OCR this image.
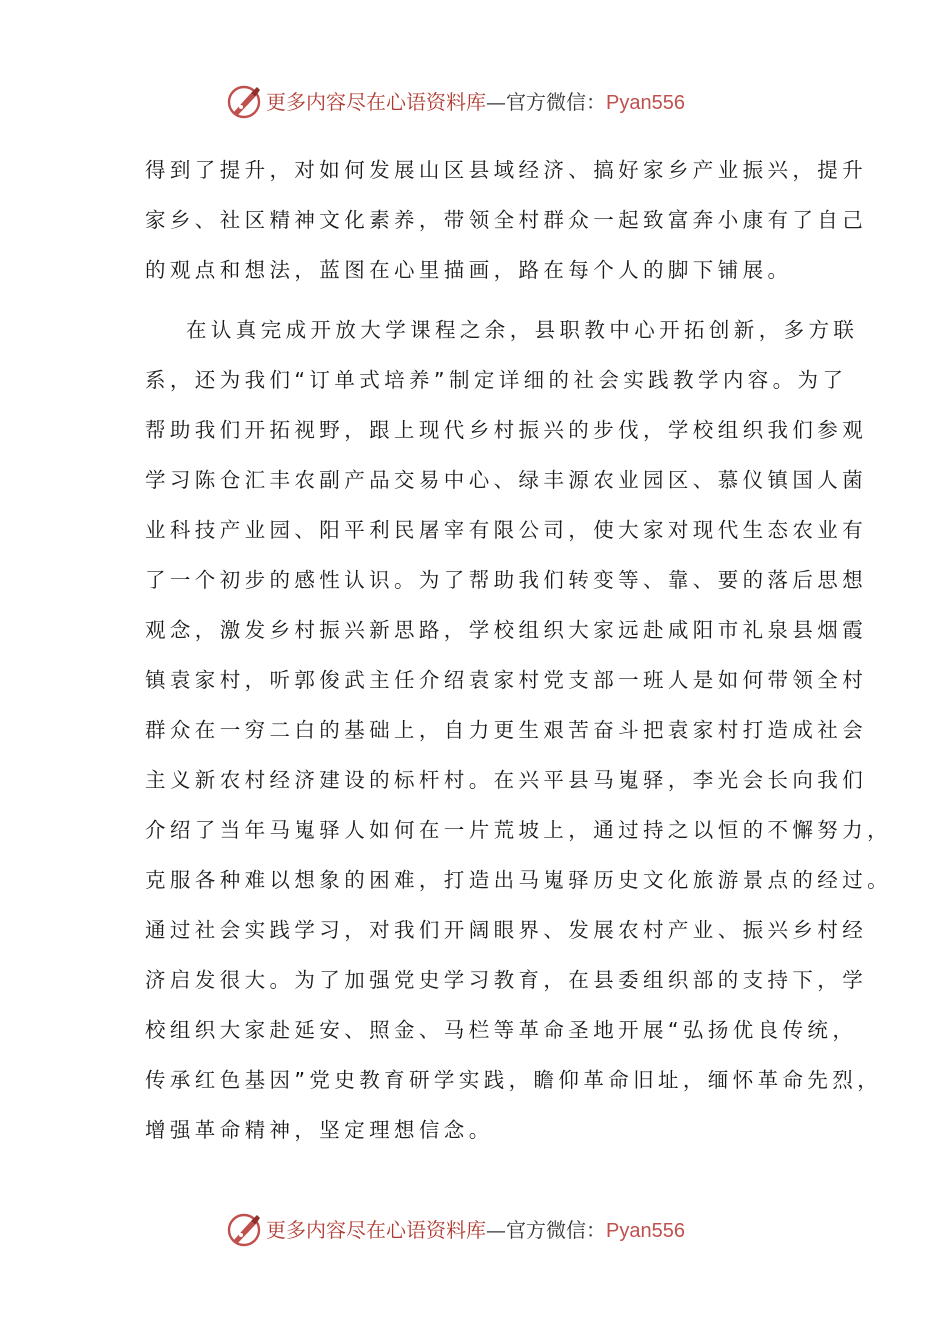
更多内容尽在心语资料库—官方微信：Pyan556

得到了提升，对如何发展山区县域经济、搞好家乡产业振兴，提升

家乡、社区精神文化素养，带领全村群众一起致富奔小康有了自己

的观点和想法，蓝图在心里描画，路在每个人的脚下铺展。

在认真完成开放大学课程之余，县职教中心开拓创新，多方联

系，还为我们“订单式培养”制定详细的社会实践教学内容。为了

帮助我们开拓视野，跟上现代乡村振兴的步伐，学校组织我们参观

学习陈仓汇丰农副产品交易中心、绿丰源农业园区、慕仪镇国人菌

业科技产业园、阳平利民屠宰有限公司，使大家对现代生态农业有

了一个初步的感性认识。为了帮助我们转变等、靠、要的落后思想

观念，激发乡村振兴新思路，学校组织大家远赴咸阳市礼泉县烟霞

镇袁家村，听郭俊武主任介绍袁家村党支部一班人是如何带领全村

群众在一穷二白的基础上，自力更生艰苦奋斗把袁家村打造成社会

主义新农村经济建设的标杆村。在兴平县马嵬驿，李光会长向我们

介绍了当年马嵬驿人如何在一片荒坡上，通过持之以恒的不懈努力，

克服各种难以想象的困难，打造出马嵬驿历史文化旅游景点的经过。

通过社会实践学习，对我们开阔眼界、发展农村产业、振兴乡村经

济启发很大。为了加强党史学习教育，在县委组织部的支持下，学

校组织大家赴延安、照金、马栏等革命圣地开展“弘扬优良传统，

传承红色基因”党史教育研学实践，瞻仰革命旧址，缅怀革命先烈，

增强革命精神，坚定理想信念。

更多内容尽在心语资料库—官方微信：Pyan556
